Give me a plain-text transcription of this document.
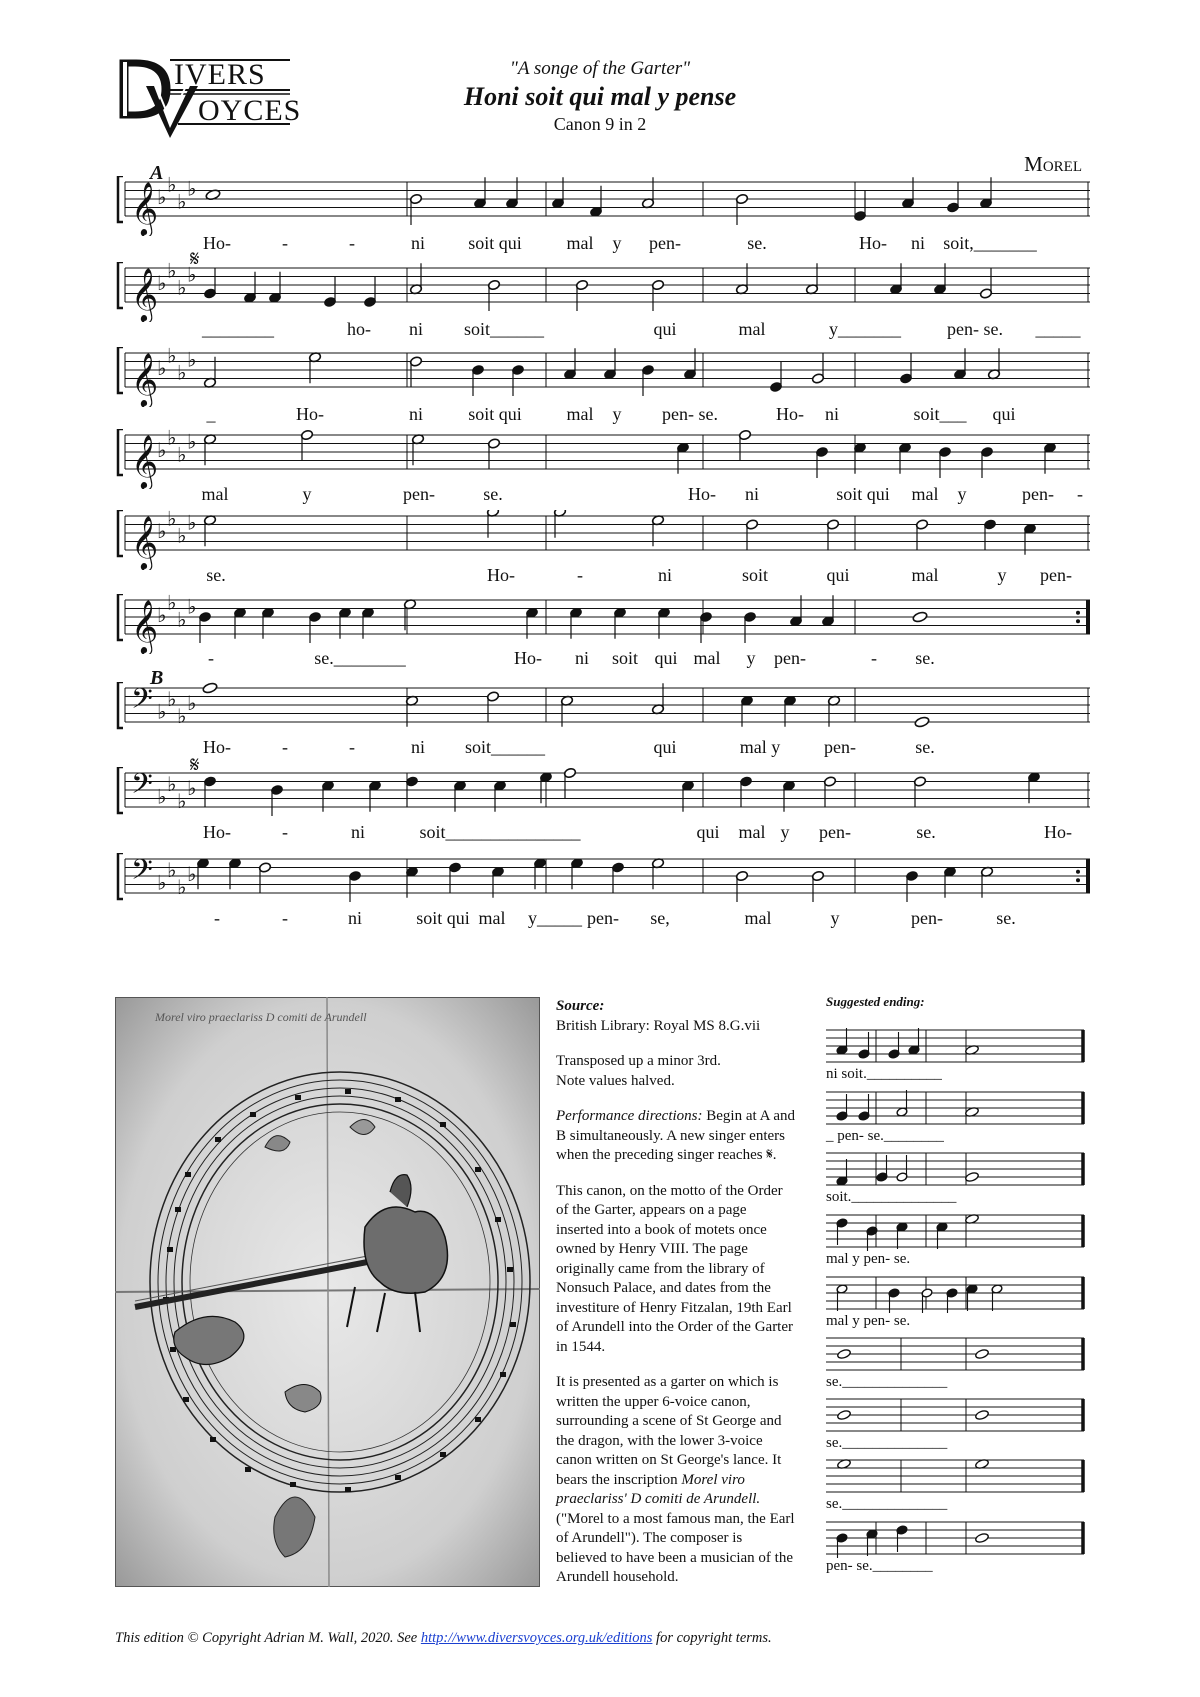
IVERS
OYCES
"A songe of the Garter"
Honi soit qui mal y pense
Canon 9 in 2
Morel
𝄞
♭
♭
♭
♭
Ho-	-	-	ni soit qui mal y pen-	se.	Ho- ni soit,_______
𝄞
♭
♭
♭
♭
________	ho- ni soit______	qui	mal	y_______	pen- se. _____
𝄞
♭
♭
♭
♭
_	Ho-	ni	soit qui mal y pen- se.	Ho- ni	soit___ qui
𝄞
♭
♭
♭
♭
mal	y	pen-	se.	Ho- ni	soit qui mal y	pen- -
𝄞
♭
♭
♭
♭
se.	Ho-	-	ni	soit	qui	mal	y pen-
𝄞
♭
♭
♭
♭
-	se.________	Ho- ni soit qui mal y pen-	- se.
𝄢 ♭
♭
♭
♭
Ho-	-	-	ni soit______	qui	mal y pen-	se.
𝄢 ♭
♭
♭
♭
Ho-	-	ni	soit_______________	qui mal y pen-	se.	Ho-
𝄢 ♭
♭
♭
♭
-	-	ni	soit qui mal y_____ pen- se,	mal	y	pen-	se.
A
B
𝄋
𝄋
Morel viro praeclariss D comiti de Arundell

Source:
British Library: Royal MS 8.G.vii

Transposed up a minor 3rd.
Note values halved.

Performance directions: Begin at A and B simultaneously. A new singer enters when the preceding singer reaches 𝄋.

This canon, on the motto of the Order of the Garter, appears on a page inserted into a book of motets once owned by Henry VIII. The page originally came from the library of Nonsuch Palace, and dates from the investiture of Henry Fitzalan, 19th Earl of Arundell into the Order of the Garter in 1544.

It is presented as a garter on which is written the upper 6-voice canon, surrounding a scene of St George and the dragon, with the lower 3-voice canon written on St George's lance. It bears the inscription Morel viro praeclariss' D comiti de Arundell. ("Morel to a most famous man, the Earl of Arundell"). The composer is believed to have been a musician of the Arundell household.

Suggested ending:
ni soit.__________
_ pen- se.________
soit.______________
mal y pen- se.
mal y pen- se.
se.______________
se.______________
se.______________
pen- se.________
This edition © Copyright Adrian M. Wall, 2020. See http://www.diversvoyces.org.uk/editions for copyright terms.
